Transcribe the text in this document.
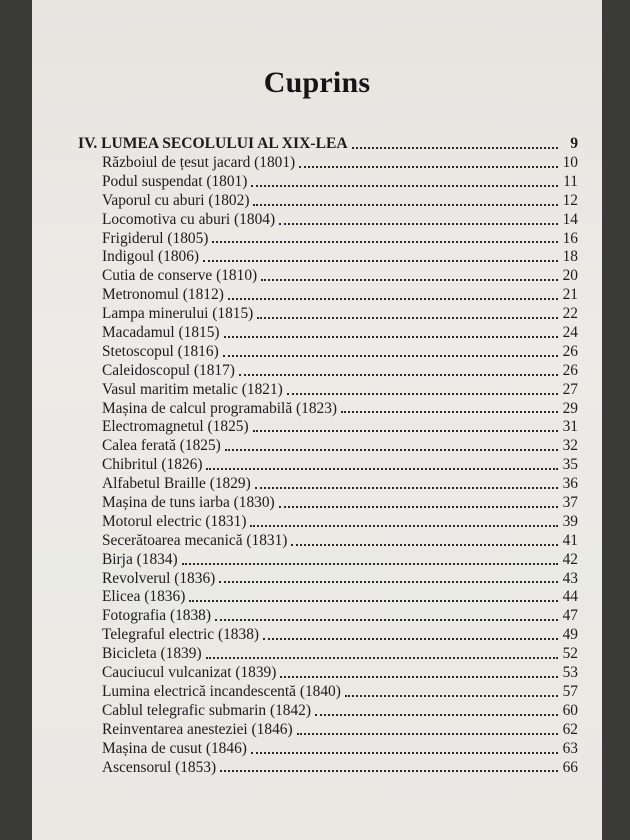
Cuprins
IV. LUMEA SECOLULUI AL XIX-LEA	9
Războiul de țesut jacard (1801)	10
Podul suspendat (1801)	11
Vaporul cu aburi (1802)	12
Locomotiva cu aburi (1804)	14
Frigiderul (1805)	16
Indigoul (1806)	18
Cutia de conserve (1810)	20
Metronomul (1812)	21
Lampa minerului (1815)	22
Macadamul (1815)	24
Stetoscopul (1816)	26
Caleidoscopul (1817)	26
Vasul maritim metalic (1821)	27
Mașina de calcul programabilă (1823)	29
Electromagnetul (1825)	31
Calea ferată (1825)	32
Chibritul (1826)	35
Alfabetul Braille (1829)	36
Mașina de tuns iarba (1830)	37
Motorul electric (1831)	39
Secerătoarea mecanică (1831)	41
Birja (1834)	42
Revolverul (1836)	43
Elicea (1836)	44
Fotografia (1838)	47
Telegraful electric (1838)	49
Bicicleta (1839)	52
Cauciucul vulcanizat (1839)	53
Lumina electrică incandescentă (1840)	57
Cablul telegrafic submarin (1842)	60
Reinventarea anesteziei (1846)	62
Mașina de cusut (1846)	63
Ascensorul (1853)	66
